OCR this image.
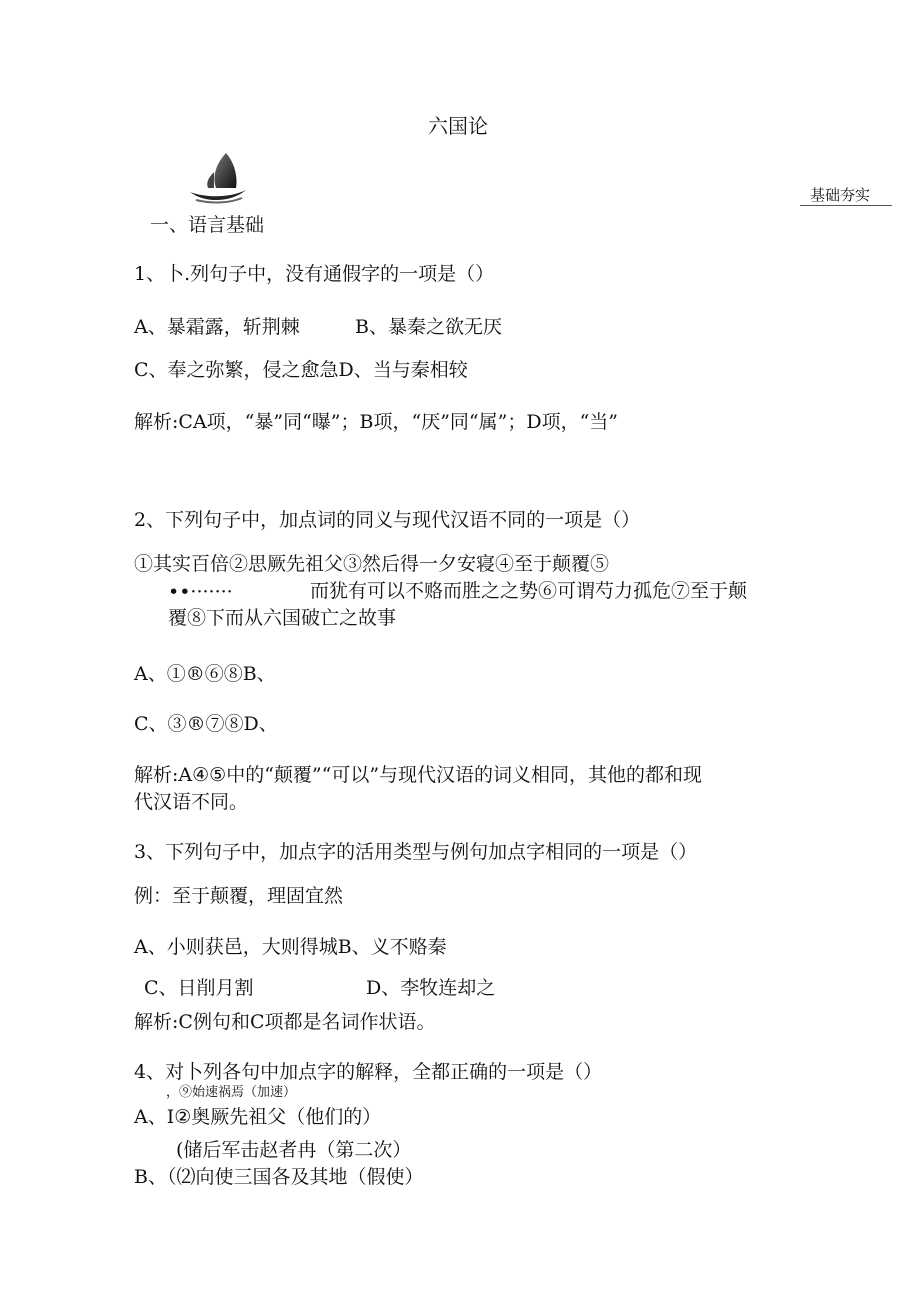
六国论
基础夯实
一、语言基础
1、卜.列句子中，没有通假字的一项是（）
A、暴霜露，斩荆棘	B、暴秦之欲无厌
C、奉之弥繁，侵之愈急D、当与秦相较
解析:CA项，“暴”同“曝”；B项，“厌”同“属”；D项，“当”
2、下列句子中，加点词的同义与现代汉语不同的一项是（）
①其实百倍②思厥先祖父③然后得一夕安寝④至于颠覆⑤
••·······	而犹有可以不赂而胜之之势⑥可谓芍力孤危⑦至于颠
覆⑧下而从六国破亡之故事
A、①®⑥⑧B、
C、③®⑦⑧D、
解析:A④⑤中的“颠覆”“可以”与现代汉语的词义相同，其他的都和现
代汉语不同。
3、下列句子中，加点字的活用类型与例句加点字相同的一项是（）
例：至于颠覆，理固宜然
A、小则获邑，大则得城B、义不赂秦
C、日削月割	D、李牧连却之
解析:C例句和C项都是名词作状语。
4、对卜列各句中加点字的解释，全都正确的一项是（）
，⑨始速祸焉（加速）
A、I②奥厥先祖父（他们的）
(储后军击赵者冉（第二次）
B、（⑵向使三国各及其地（假使）
